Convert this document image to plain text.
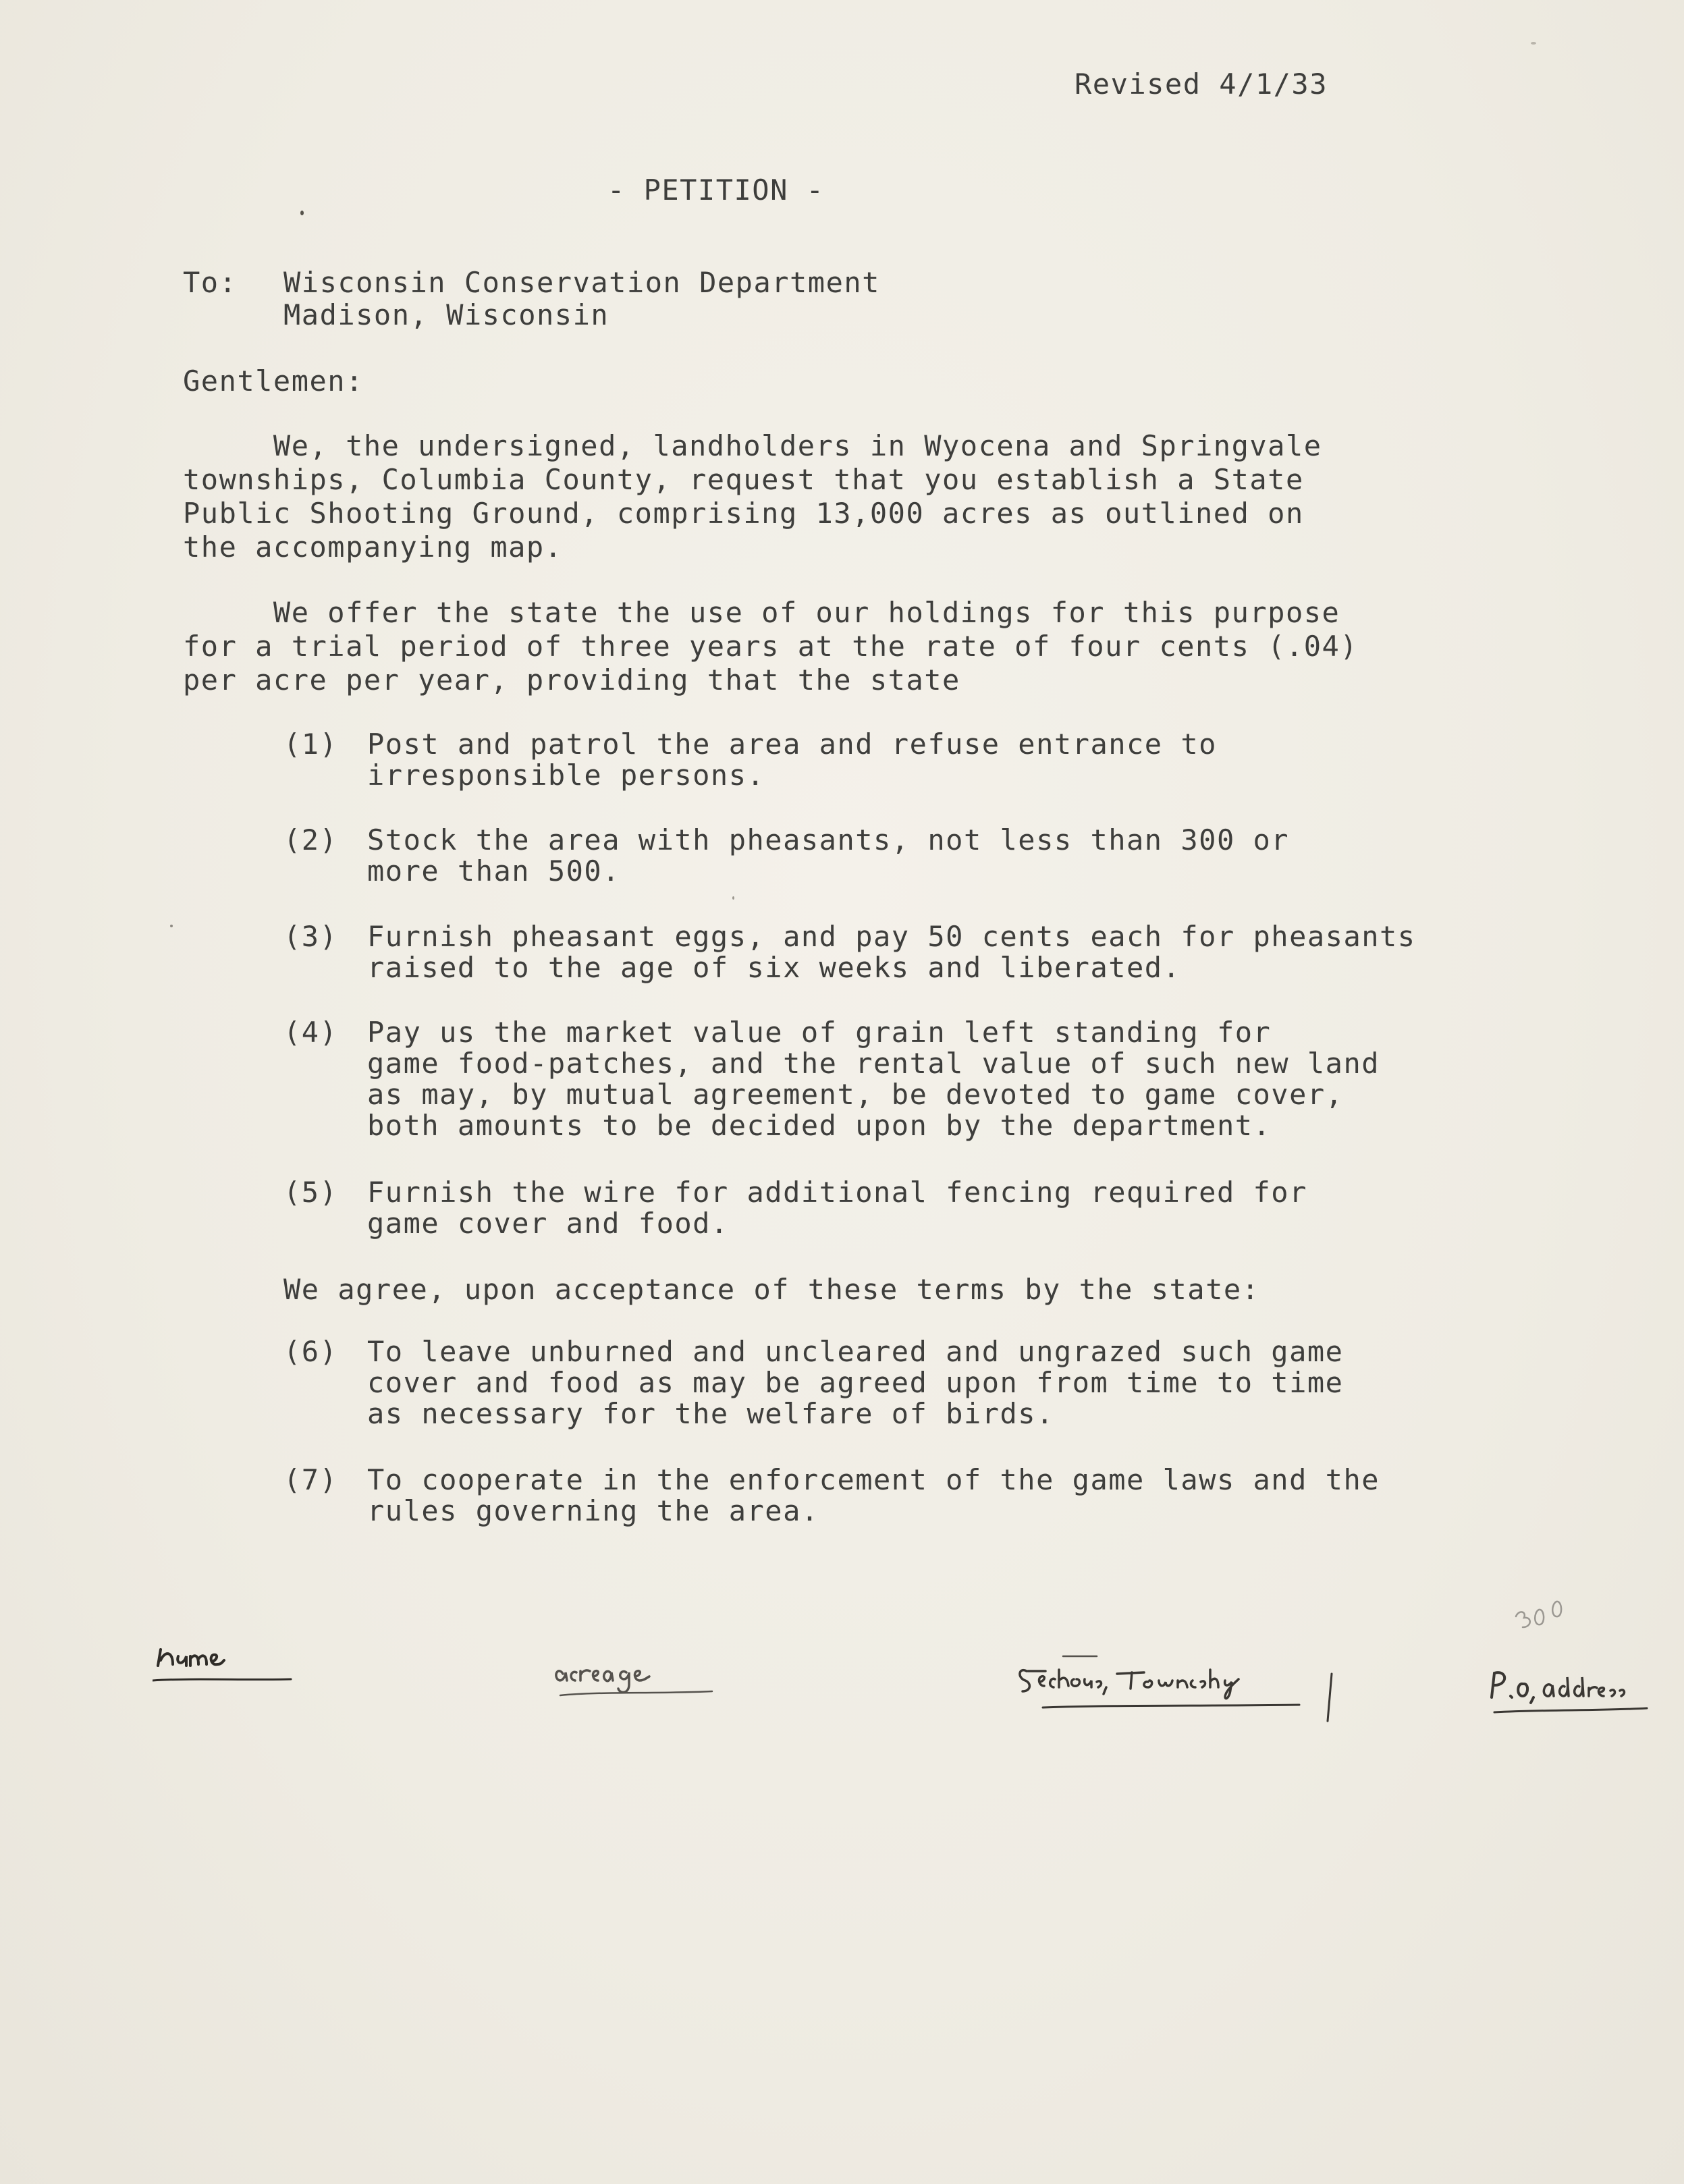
Revised 4/1/33
- PETITION -
To: Wisconsin Conservation Department
Madison, Wisconsin
Gentlemen:
We, the undersigned, landholders in Wyocena and Springvale
townships, Columbia County, request that you establish a State
Public Shooting Ground, comprising 13,000 acres as outlined on
the accompanying map.
We offer the state the use of our holdings for this purpose
for a trial period of three years at the rate of four cents (.04)
per acre per year, providing that the state
(1) Post and patrol the area and refuse entrance to
irresponsible persons.
(2) Stock the area with pheasants, not less than 300 or
more than 500.
(3) Furnish pheasant eggs, and pay 50 cents each for pheasants
raised to the age of six weeks and liberated.
(4) Pay us the market value of grain left standing for
game food-patches, and the rental value of such new land
as may, by mutual agreement, be devoted to game cover,
both amounts to be decided upon by the department.
(5) Furnish the wire for additional fencing required for
game cover and food.
We agree, upon acceptance of these terms by the state:
(6) To leave unburned and uncleared and ungrazed such game
cover and food as may be agreed upon from time to time
as necessary for the welfare of birds.
(7) To cooperate in the enforcement of the game laws and the
rules governing the area.
